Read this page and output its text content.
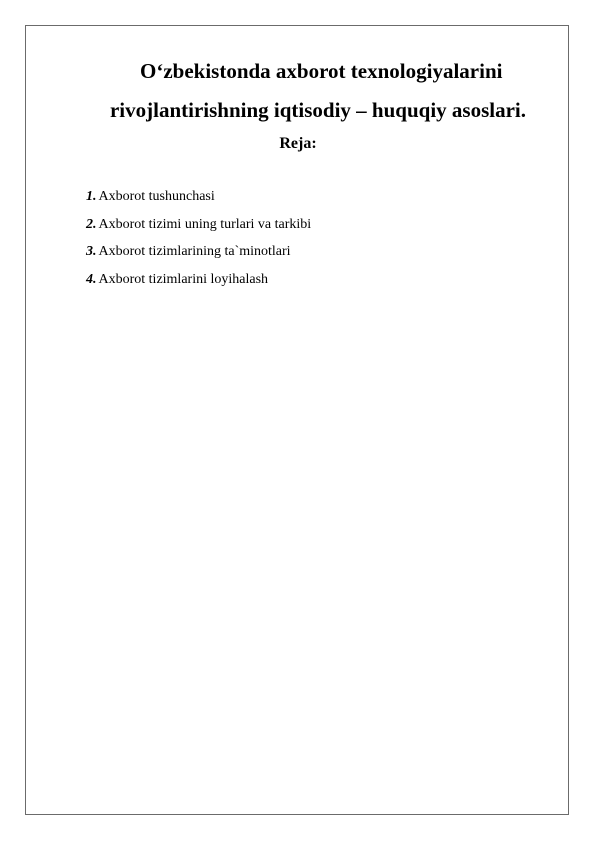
O‘zbekistonda axborot texnologiyalarini
rivojlantirishning iqtisodiy – huquqiy asoslari.
Reja:
1. Axborot tushunchasi
2. Axborot tizimi uning turlari va tarkibi
3. Axborot tizimlarining ta`minotlari
4. Axborot tizimlarini loyihalash
